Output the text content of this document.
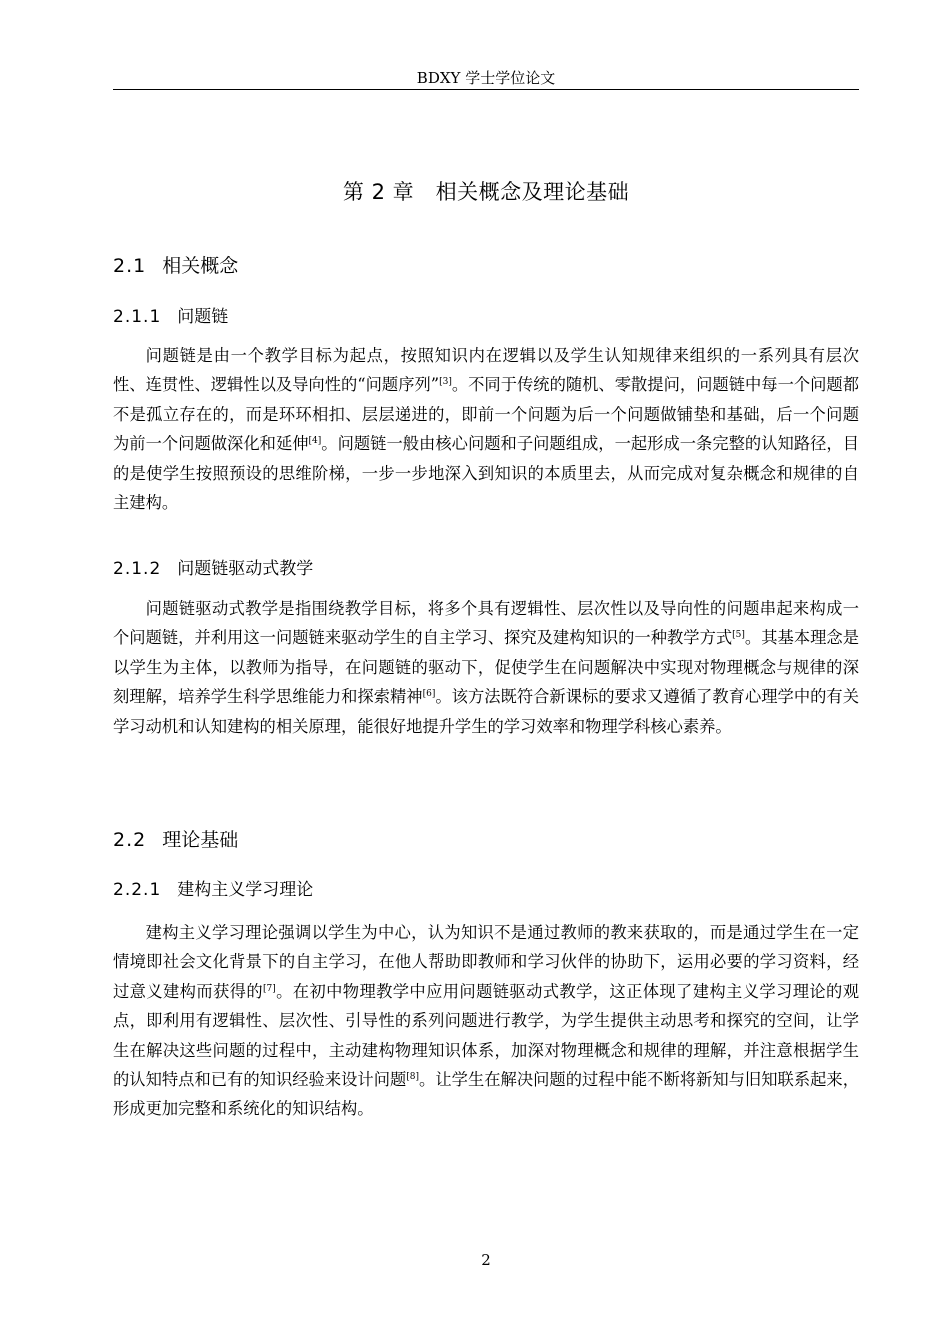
BDXY 学士学位论文
第 2 章　相关概念及理论基础
2.1 相关概念
2.1.1 问题链

问题链是由一个教学目标为起点，按照知识内在逻辑以及学生认知规律来组织的一系列具有层次性、连贯性、逻辑性以及导向性的“问题序列”[3]。不同于传统的随机、零散提问，问题链中每一个问题都不是孤立存在的，而是环环相扣、层层递进的，即前一个问题为后一个问题做铺垫和基础，后一个问题为前一个问题做深化和延伸[4]。问题链一般由核心问题和子问题组成，一起形成一条完整的认知路径，目的是使学生按照预设的思维阶梯，一步一步地深入到知识的本质里去，从而完成对复杂概念和规律的自主建构。

2.1.2 问题链驱动式教学

问题链驱动式教学是指围绕教学目标，将多个具有逻辑性、层次性以及导向性的问题串起来构成一个问题链，并利用这一问题链来驱动学生的自主学习、探究及建构知识的一种教学方式[5]。其基本理念是以学生为主体，以教师为指导，在问题链的驱动下，促使学生在问题解决中实现对物理概念与规律的深刻理解，培养学生科学思维能力和探索精神[6]。该方法既符合新课标的要求又遵循了教育心理学中的有关学习动机和认知建构的相关原理，能很好地提升学生的学习效率和物理学科核心素养。

2.2 理论基础
2.2.1 建构主义学习理论

建构主义学习理论强调以学生为中心，认为知识不是通过教师的教来获取的，而是通过学生在一定情境即社会文化背景下的自主学习，在他人帮助即教师和学习伙伴的协助下，运用必要的学习资料，经过意义建构而获得的[7]。在初中物理教学中应用问题链驱动式教学，这正体现了建构主义学习理论的观点，即利用有逻辑性、层次性、引导性的系列问题进行教学，为学生提供主动思考和探究的空间，让学生在解决这些问题的过程中，主动建构物理知识体系，加深对物理概念和规律的理解，并注意根据学生的认知特点和已有的知识经验来设计问题[8]。让学生在解决问题的过程中能不断将新知与旧知联系起来，形成更加完整和系统化的知识结构。

2
